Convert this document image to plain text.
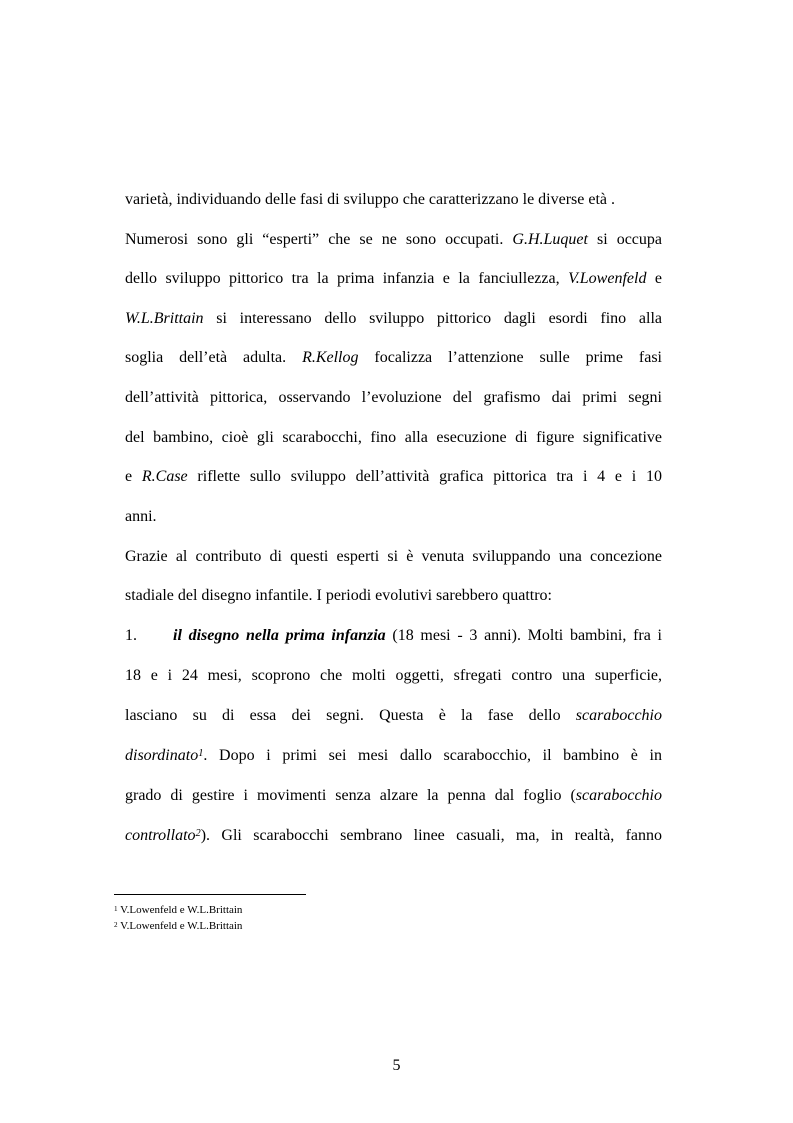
varietà, individuando delle fasi di sviluppo che caratterizzano le diverse età .
Numerosi sono gli “esperti” che se ne sono occupati. G.H.Luquet si occupa
dello sviluppo pittorico tra la prima infanzia e la fanciullezza, V.Lowenfeld e
W.L.Brittain si interessano dello sviluppo pittorico dagli esordi fino alla
soglia dell’età adulta. R.Kellog focalizza l’attenzione sulle prime fasi
dell’attività pittorica, osservando l’evoluzione del grafismo dai primi segni
del bambino, cioè gli scarabocchi, fino alla esecuzione di figure significative
e R.Case riflette sullo sviluppo dell’attività grafica pittorica tra i 4 e i 10
anni.
Grazie al contributo di questi esperti si è venuta sviluppando una concezione
stadiale del disegno infantile. I periodi evolutivi sarebbero quattro:
1. il disegno nella prima infanzia (18 mesi - 3 anni). Molti bambini, fra i
18 e i 24 mesi, scoprono che molti oggetti, sfregati contro una superficie,
lasciano su di essa dei segni. Questa è la fase dello scarabocchio
disordinato$^1$. Dopo i primi sei mesi dallo scarabocchio, il bambino è in
grado di gestire i movimenti senza alzare la penna dal foglio (scarabocchio
controllato$^2$). Gli scarabocchi sembrano linee casuali, ma, in realtà, fanno
$^1$ V.Lowenfeld e W.L.Brittain
$^2$ V.Lowenfeld e W.L.Brittain
5
